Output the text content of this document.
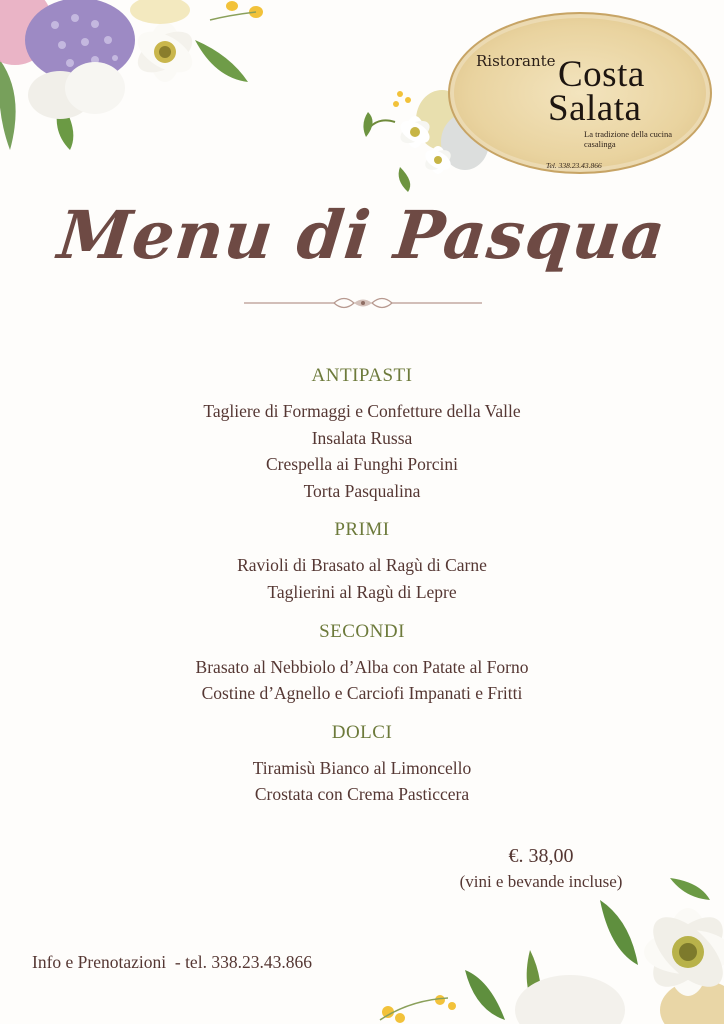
Ristorante Costa
Salata
La tradizione della cucina casalinga
Tel. 338.23.43.866
Menu di Pasqua
ANTIPASTI
Tagliere di Formaggi e Confetture della Valle
Insalata Russa
Crespella ai Funghi Porcini
Torta Pasqualina
PRIMI
Ravioli di Brasato al Ragù di Carne
Taglierini al Ragù di Lepre
SECONDI
Brasato al Nebbiolo d’Alba con Patate al Forno
Costine d’Agnello e Carciofi Impanati e Fritti
DOLCI
Tiramisù Bianco al Limoncello
Crostata con Crema Pasticcera
€. 38,00
(vini e bevande incluse)
Info e Prenotazioni  - tel. 338.23.43.866
